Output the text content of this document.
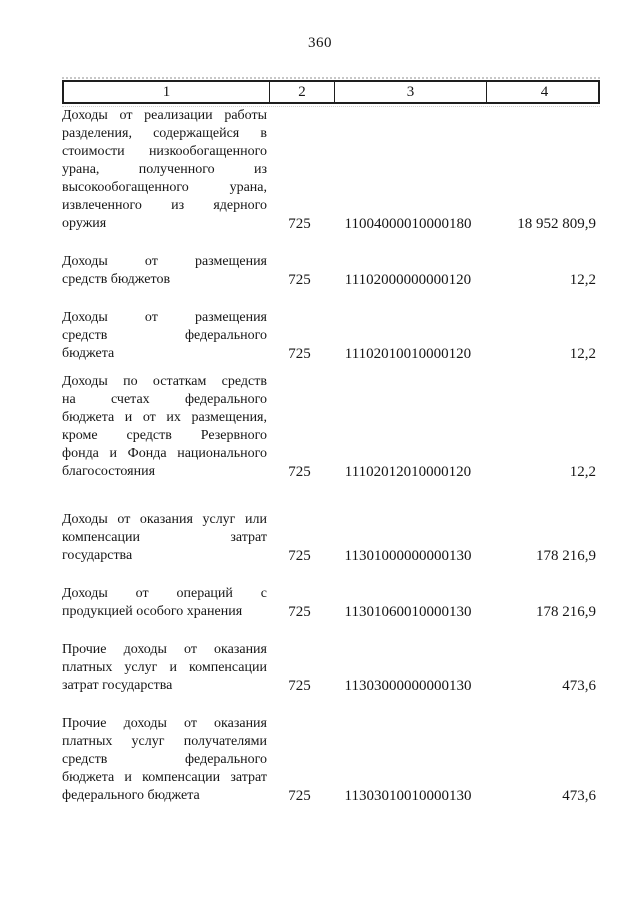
360
1	2	3	4
Доходы от реализации работы
разделения, содержащейся в
стоимости низкообогащенного
урана, полученного из
высокообогащенного урана,
извлеченного из ядерного
оружия	725	11004000010000180	18 952 809,9
Доходы от размещения
средств бюджетов	725	11102000000000120	12,2
Доходы от размещения
средств федерального
бюджета	725	11102010010000120	12,2
Доходы по остаткам средств
на счетах федерального
бюджета и от их размещения,
кроме средств Резервного
фонда и Фонда национального
благосостояния	725	11102012010000120	12,2
Доходы от оказания услуг или
компенсации затрат
государства	725	11301000000000130	178 216,9
Доходы от операций с
продукцией особого хранения	725	11301060010000130	178 216,9
Прочие доходы от оказания
платных услуг и компенсации
затрат государства	725	11303000000000130	473,6
Прочие доходы от оказания
платных услуг получателями
средств федерального
бюджета и компенсации затрат
федерального бюджета	725	11303010010000130	473,6
